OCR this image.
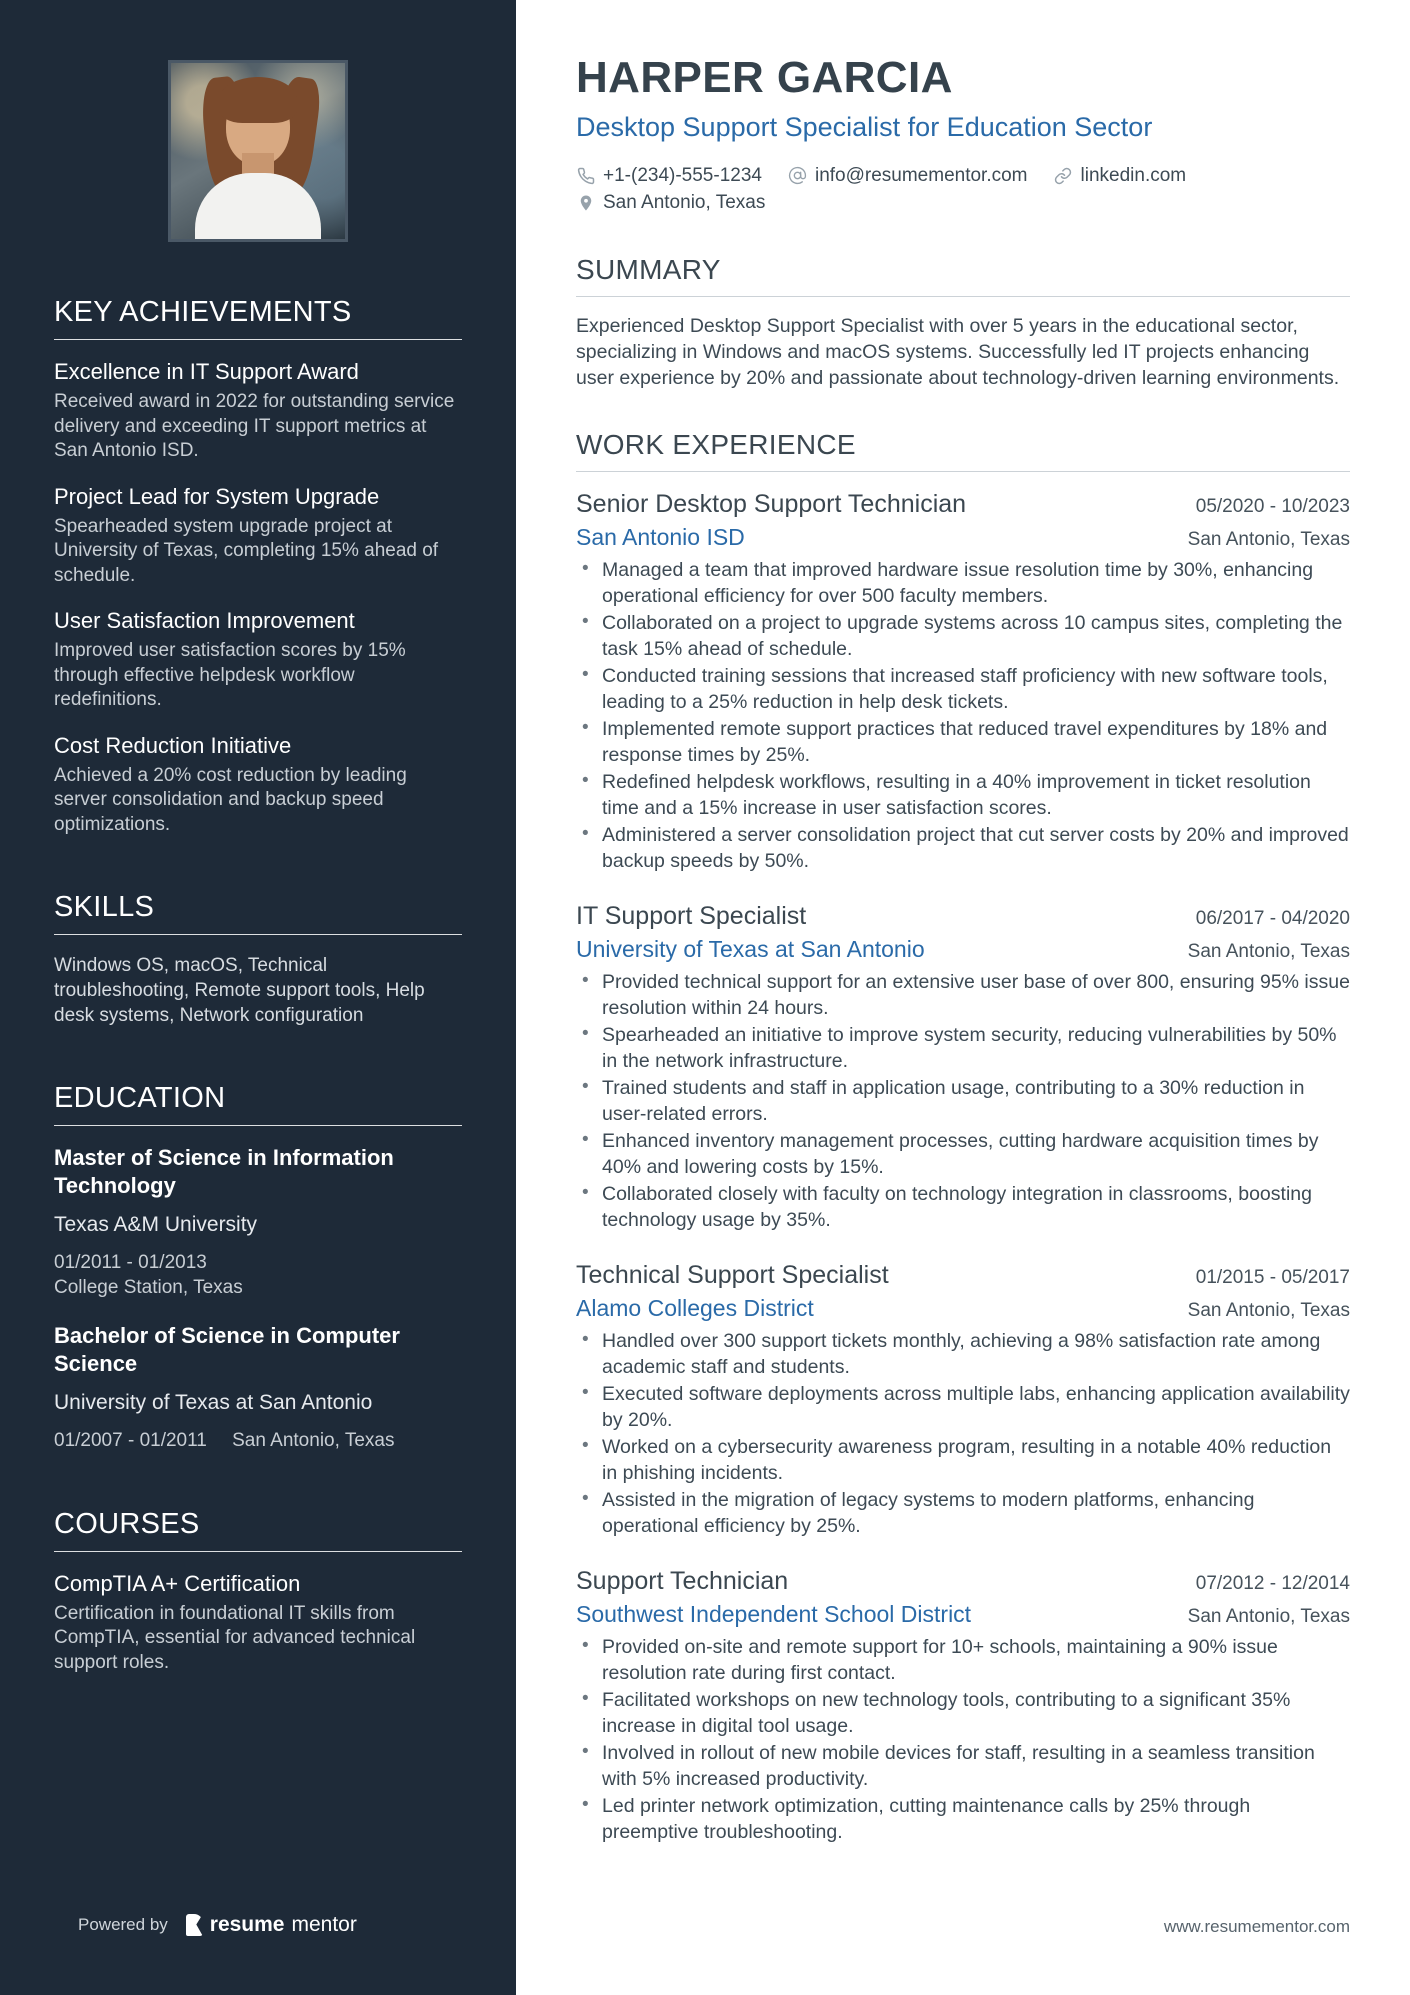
KEY ACHIEVEMENTS
Excellence in IT Support Award
Received award in 2022 for outstanding service delivery and exceeding IT support metrics at San Antonio ISD.
Project Lead for System Upgrade
Spearheaded system upgrade project at University of Texas, completing 15% ahead of schedule.
User Satisfaction Improvement
Improved user satisfaction scores by 15% through effective helpdesk workflow redefinitions.
Cost Reduction Initiative
Achieved a 20% cost reduction by leading server consolidation and backup speed optimizations.
SKILLS
Windows OS, macOS, Technical troubleshooting, Remote support tools, Help desk systems, Network configuration
EDUCATION
Master of Science in Information Technology
Texas A&M University
01/2011 - 01/2013
College Station, Texas
Bachelor of Science in Computer Science
University of Texas at San Antonio
01/2007 - 01/2011 San Antonio, Texas
COURSES
CompTIA A+ Certification
Certification in foundational IT skills from CompTIA, essential for advanced technical support roles.
Powered by resume mentor
HARPER GARCIA
Desktop Support Specialist for Education Sector
+1-(234)-555-1234	info@resumementor.com	linkedin.com
San Antonio, Texas
SUMMARY

Experienced Desktop Support Specialist with over 5 years in the educational sector, specializing in Windows and macOS systems. Successfully led IT projects enhancing user experience by 20% and passionate about technology-driven learning environments.

WORK EXPERIENCE
Senior Desktop Support Technician	05/2020 - 10/2023
San Antonio ISD	San Antonio, Texas
• Managed a team that improved hardware issue resolution time by 30%, enhancing operational efficiency for over 500 faculty members.
• Collaborated on a project to upgrade systems across 10 campus sites, completing the task 15% ahead of schedule.
• Conducted training sessions that increased staff proficiency with new software tools, leading to a 25% reduction in help desk tickets.
• Implemented remote support practices that reduced travel expenditures by 18% and response times by 25%.
• Redefined helpdesk workflows, resulting in a 40% improvement in ticket resolution time and a 15% increase in user satisfaction scores.
• Administered a server consolidation project that cut server costs by 20% and improved backup speeds by 50%.
IT Support Specialist	06/2017 - 04/2020
University of Texas at San Antonio	San Antonio, Texas
• Provided technical support for an extensive user base of over 800, ensuring 95% issue resolution within 24 hours.
• Spearheaded an initiative to improve system security, reducing vulnerabilities by 50% in the network infrastructure.
• Trained students and staff in application usage, contributing to a 30% reduction in user-related errors.
• Enhanced inventory management processes, cutting hardware acquisition times by 40% and lowering costs by 15%.
• Collaborated closely with faculty on technology integration in classrooms, boosting technology usage by 35%.
Technical Support Specialist	01/2015 - 05/2017
Alamo Colleges District	San Antonio, Texas
• Handled over 300 support tickets monthly, achieving a 98% satisfaction rate among academic staff and students.
• Executed software deployments across multiple labs, enhancing application availability by 20%.
• Worked on a cybersecurity awareness program, resulting in a notable 40% reduction in phishing incidents.
• Assisted in the migration of legacy systems to modern platforms, enhancing operational efficiency by 25%.
Support Technician	07/2012 - 12/2014
Southwest Independent School District	San Antonio, Texas
• Provided on-site and remote support for 10+ schools, maintaining a 90% issue resolution rate during first contact.
• Facilitated workshops on new technology tools, contributing to a significant 35% increase in digital tool usage.
• Involved in rollout of new mobile devices for staff, resulting in a seamless transition with 5% increased productivity.
• Led printer network optimization, cutting maintenance calls by 25% through preemptive troubleshooting.
www.resumementor.com
